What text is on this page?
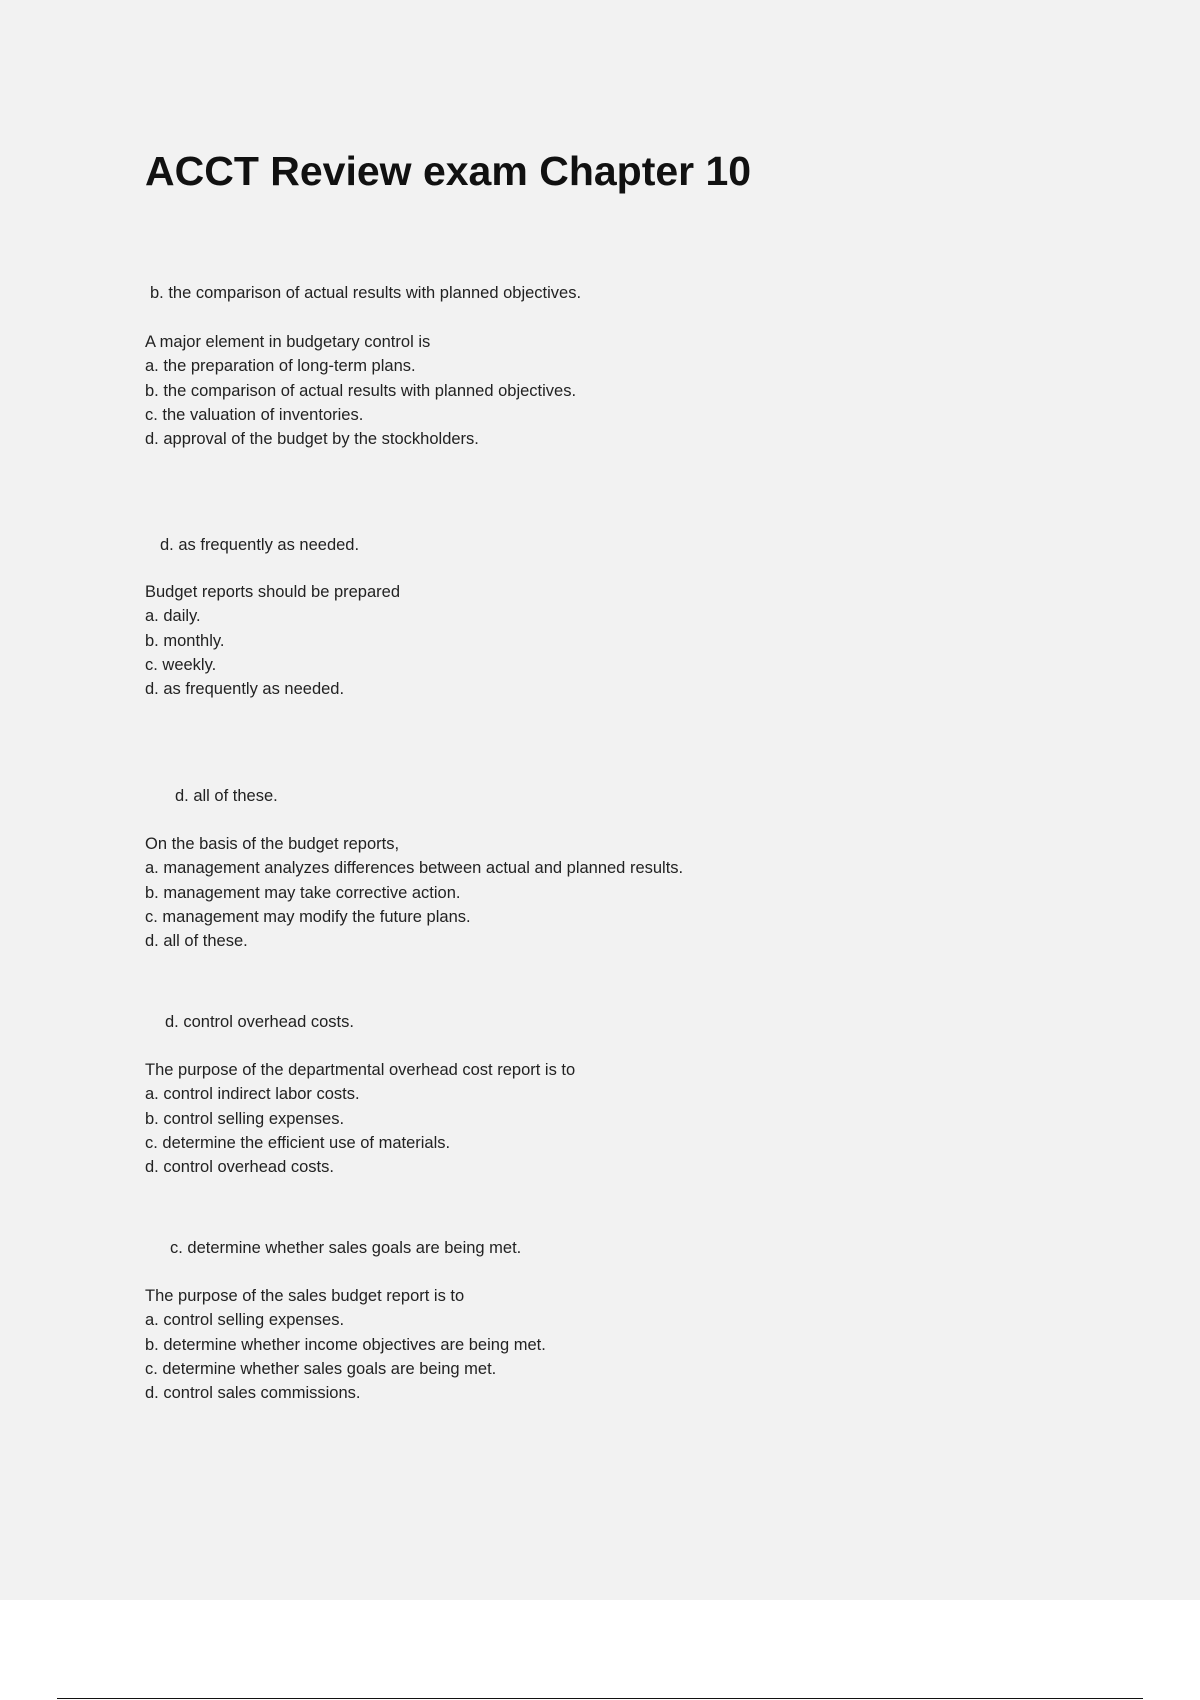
ACCT Review exam Chapter 10
b. the comparison of actual results with planned objectives.
A major element in budgetary control is
a. the preparation of long-term plans.
b. the comparison of actual results with planned objectives.
c. the valuation of inventories.
d. approval of the budget by the stockholders.
d. as frequently as needed.
Budget reports should be prepared
a. daily.
b. monthly.
c. weekly.
d. as frequently as needed.
d. all of these.
On the basis of the budget reports,
a. management analyzes differences between actual and planned results.
b. management may take corrective action.
c. management may modify the future plans.
d. all of these.
d. control overhead costs.
The purpose of the departmental overhead cost report is to
a. control indirect labor costs.
b. control selling expenses.
c. determine the efficient use of materials.
d. control overhead costs.
c. determine whether sales goals are being met.
The purpose of the sales budget report is to
a. control selling expenses.
b. determine whether income objectives are being met.
c. determine whether sales goals are being met.
d. control sales commissions.
